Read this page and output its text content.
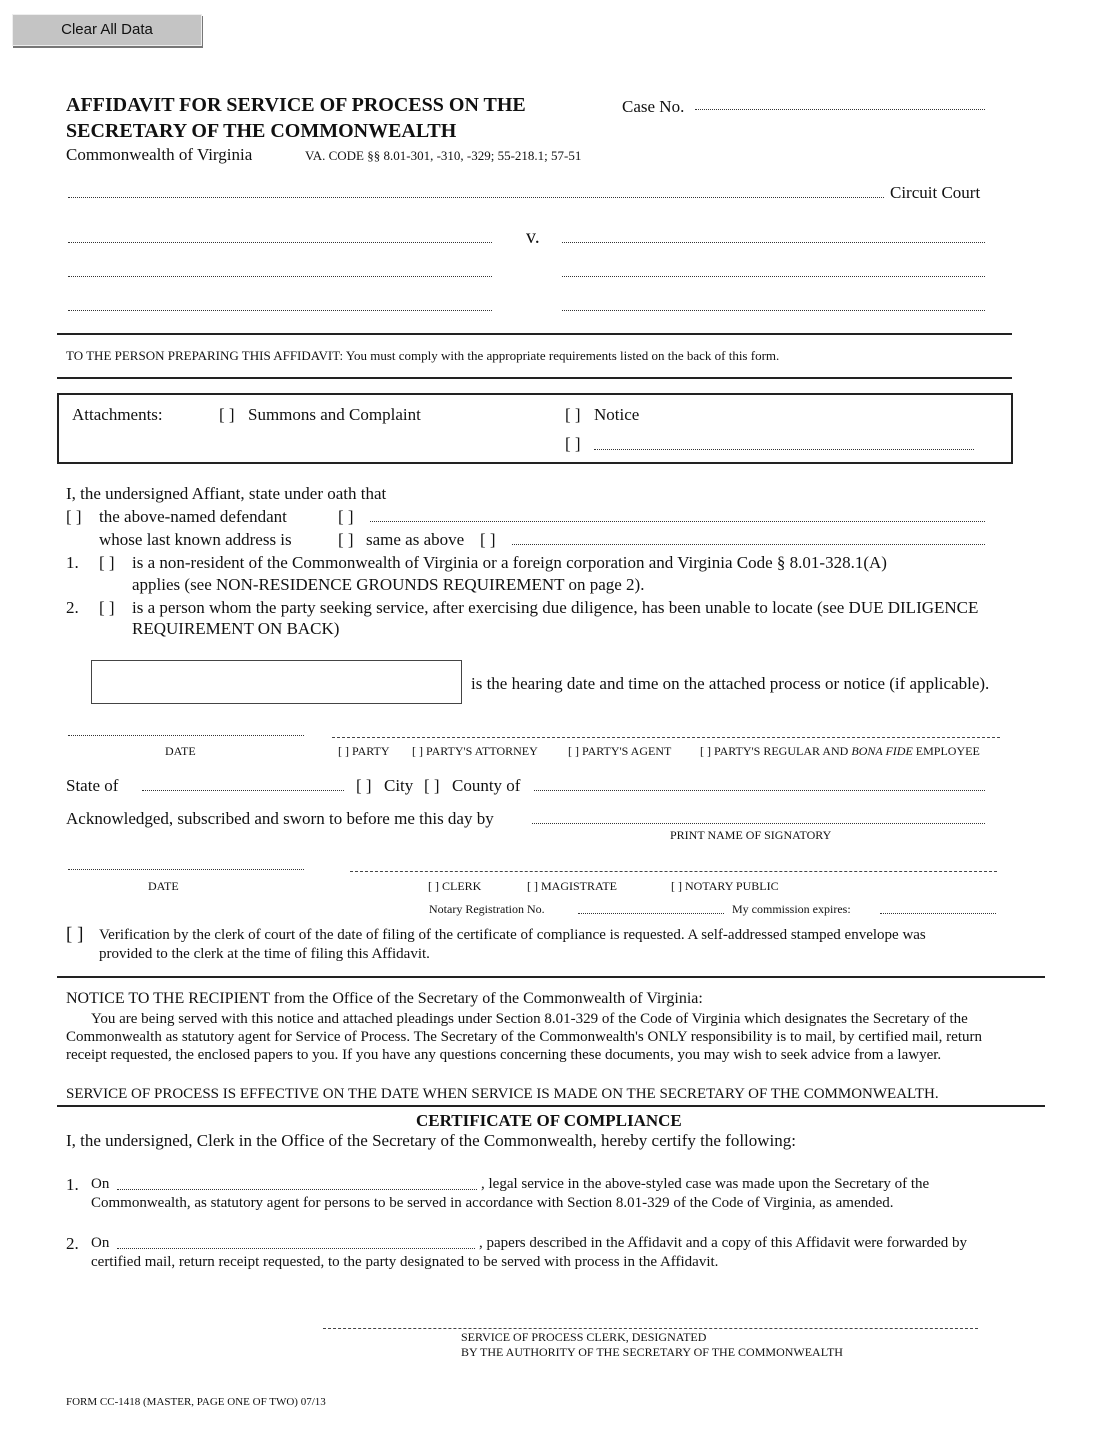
Clear All Data
AFFIDAVIT FOR SERVICE OF PROCESS ON THE
SECRETARY OF THE COMMONWEALTH
Case No.
Commonwealth of Virginia	VA. CODE §§ 8.01-301, -310, -329; 55-218.1; 57-51
Circuit Court
v.
TO THE PERSON PREPARING THIS AFFIDAVIT: You must comply with the appropriate requirements listed on the back of this form.
Attachments:	[ ] Summons and Complaint	[ ] Notice
[ ]
I, the undersigned Affiant, state under oath that
[ ] the above-named defendant	[ ]
whose last known address is	[ ] same as above [ ]
1. [ ] is a non-resident of the Commonwealth of Virginia or a foreign corporation and Virginia Code § 8.01-328.1(A)
applies (see NON-RESIDENCE GROUNDS REQUIREMENT on page 2).
2. [ ] is a person whom the party seeking service, after exercising due diligence, has been unable to locate (see DUE DILIGENCE
REQUIREMENT ON BACK)
is the hearing date and time on the attached process or notice (if applicable).
DATE	[ ] PARTY [ ] PARTY'S ATTORNEY	[ ] PARTY'S AGENT [ ] PARTY'S REGULAR AND BONA FIDE EMPLOYEE
State of	[ ] City [ ] County of
Acknowledged, subscribed and sworn to before me this day by
PRINT NAME OF SIGNATORY
DATE	[ ] CLERK	[ ] MAGISTRATE	[ ] NOTARY PUBLIC
Notary Registration No.	My commission expires:
[ ] Verification by the clerk of court of the date of filing of the certificate of compliance is requested. A self-addressed stamped envelope was
provided to the clerk at the time of filing this Affidavit.
NOTICE TO THE RECIPIENT from the Office of the Secretary of the Commonwealth of Virginia:
You are being served with this notice and attached pleadings under Section 8.01-329 of the Code of Virginia which designates the Secretary of the Commonwealth as statutory agent for Service of Process. The Secretary of the Commonwealth's ONLY responsibility is to mail, by certified mail, return receipt requested, the enclosed papers to you. If you have any questions concerning these documents, you may wish to seek advice from a lawyer.
SERVICE OF PROCESS IS EFFECTIVE ON THE DATE WHEN SERVICE IS MADE ON THE SECRETARY OF THE COMMONWEALTH.
CERTIFICATE OF COMPLIANCE
I, the undersigned, Clerk in the Office of the Secretary of the Commonwealth, hereby certify the following:
1. On	, legal service in the above-styled case was made upon the Secretary of the
Commonwealth, as statutory agent for persons to be served in accordance with Section 8.01-329 of the Code of Virginia, as amended.
2. On	, papers described in the Affidavit and a copy of this Affidavit were forwarded by
certified mail, return receipt requested, to the party designated to be served with process in the Affidavit.
SERVICE OF PROCESS CLERK, DESIGNATED
BY THE AUTHORITY OF THE SECRETARY OF THE COMMONWEALTH
FORM CC-1418 (MASTER, PAGE ONE OF TWO) 07/13
